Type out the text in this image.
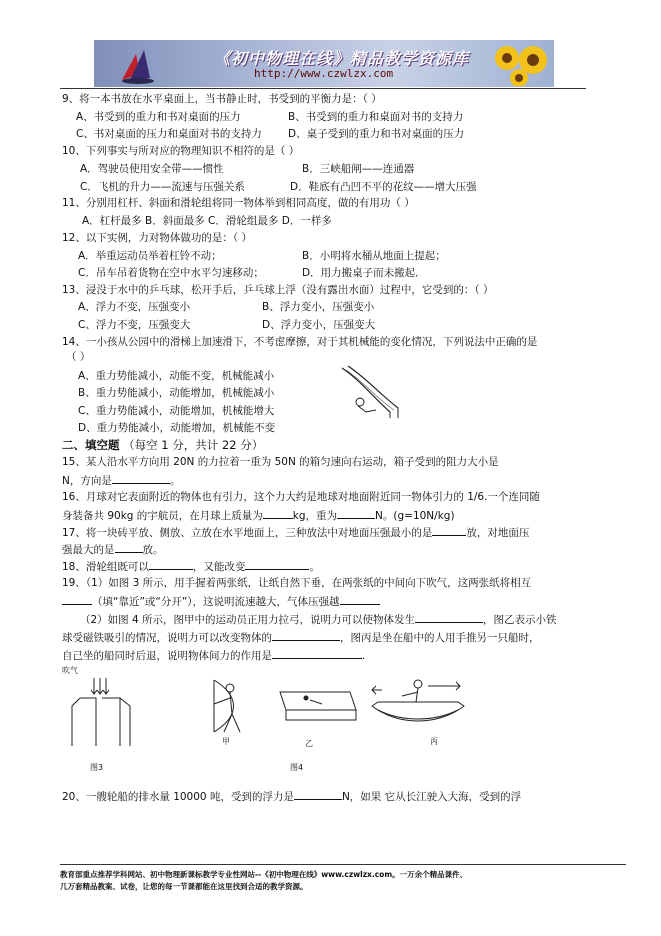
《初中物理在线》精品教学资源库
http://www.czwlzx.com
9、将一本书放在水平桌面上，当书静止时，书受到的平衡力是：（ ）
A、书受到的重力和书对桌面的压力	B、书受到的重力和桌面对书的支持力
C、书对桌面的压力和桌面对书的支持力 D、桌子受到的重力和书对桌面的压力
10、下列事实与所对应的物理知识不相符的是（ ）
A．驾驶员使用安全带——惯性	B．三峡船闸——连通器
C．飞机的升力——流速与压强关系	D．鞋底有凸凹不平的花纹——增大压强
11、分别用杠杆、斜面和滑轮组将同一物体举到相同高度，做的有用功（ ）
A．杠杆最多 B．斜面最多 C．滑轮组最多 D．一样多
12、以下实例，力对物体做功的是：（ ）
A．举重运动员举着杠铃不动；	B．小明将水桶从地面上提起；
C．吊车吊着货物在空中水平匀速移动；	D．用力搬桌子而未搬起．
13、浸没于水中的乒乓球，松开手后，乒乓球上浮（没有露出水面）过程中，它受到的：（ ）
A、浮力不变，压强变小	B、浮力变小，压强变小
C、浮力不变，压强变大	D、浮力变小，压强变大
14、一小孩从公园中的滑梯上加速滑下，不考虑摩擦，对于其机械能的变化情况，下列说法中正确的是
（ ）
A、重力势能减小，动能不变，机械能减小
B、重力势能减小，动能增加，机械能减小
C、重力势能减小，动能增加，机械能增大
D、重力势能减小，动能增加，机械能不变
二、填空题 （每空 1 分，共计 22 分）
15、某人沿水平方向用 20N 的力拉着一重为 50N 的箱匀速向右运动，箱子受到的阻力大小是
N，方向是	。
16、月球对它表面附近的物体也有引力，这个力大约是地球对地面附近同一物体引力的 1/6.一个连同随
身装备共 90kg 的宇航员，在月球上质量为	kg，重为	N。(g=10N/kg)
17、将一块砖平放、侧放、立放在水平地面上，三种放法中对地面压强最小的是	放，对地面压
强最大的是	放。
18、滑轮组既可以	，又能改变	。
19、（1）如图 3 所示，用手握着两张纸，让纸自然下垂，在两张纸的中间向下吹气，这两张纸将相互
（填“靠近”或“分开”），这说明流速越大，气体压强越
（2）如图 4 所示，图甲中的运动员正用力拉弓，说明力可以使物体发生	，图乙表示小铁
球受磁铁吸引的情况，说明力可以改变物体的	，图丙是坐在船中的人用手推另一只船时，
自己坐的船同时后退，说明物体间力的作用是	.
吹气
图3
甲	乙	丙
图4
20、一艘轮船的排水量 10000 吨，受到的浮力是	N，如果 它从长江驶入大海，受到的浮
教育部重点推荐学科网站、初中物理新课标教学专业性网站--《初中物理在线》www.czwlzx.com。一万余个精品课件、
几万套精品教案、试卷，让您的每一节课都能在这里找到合适的教学资源。
